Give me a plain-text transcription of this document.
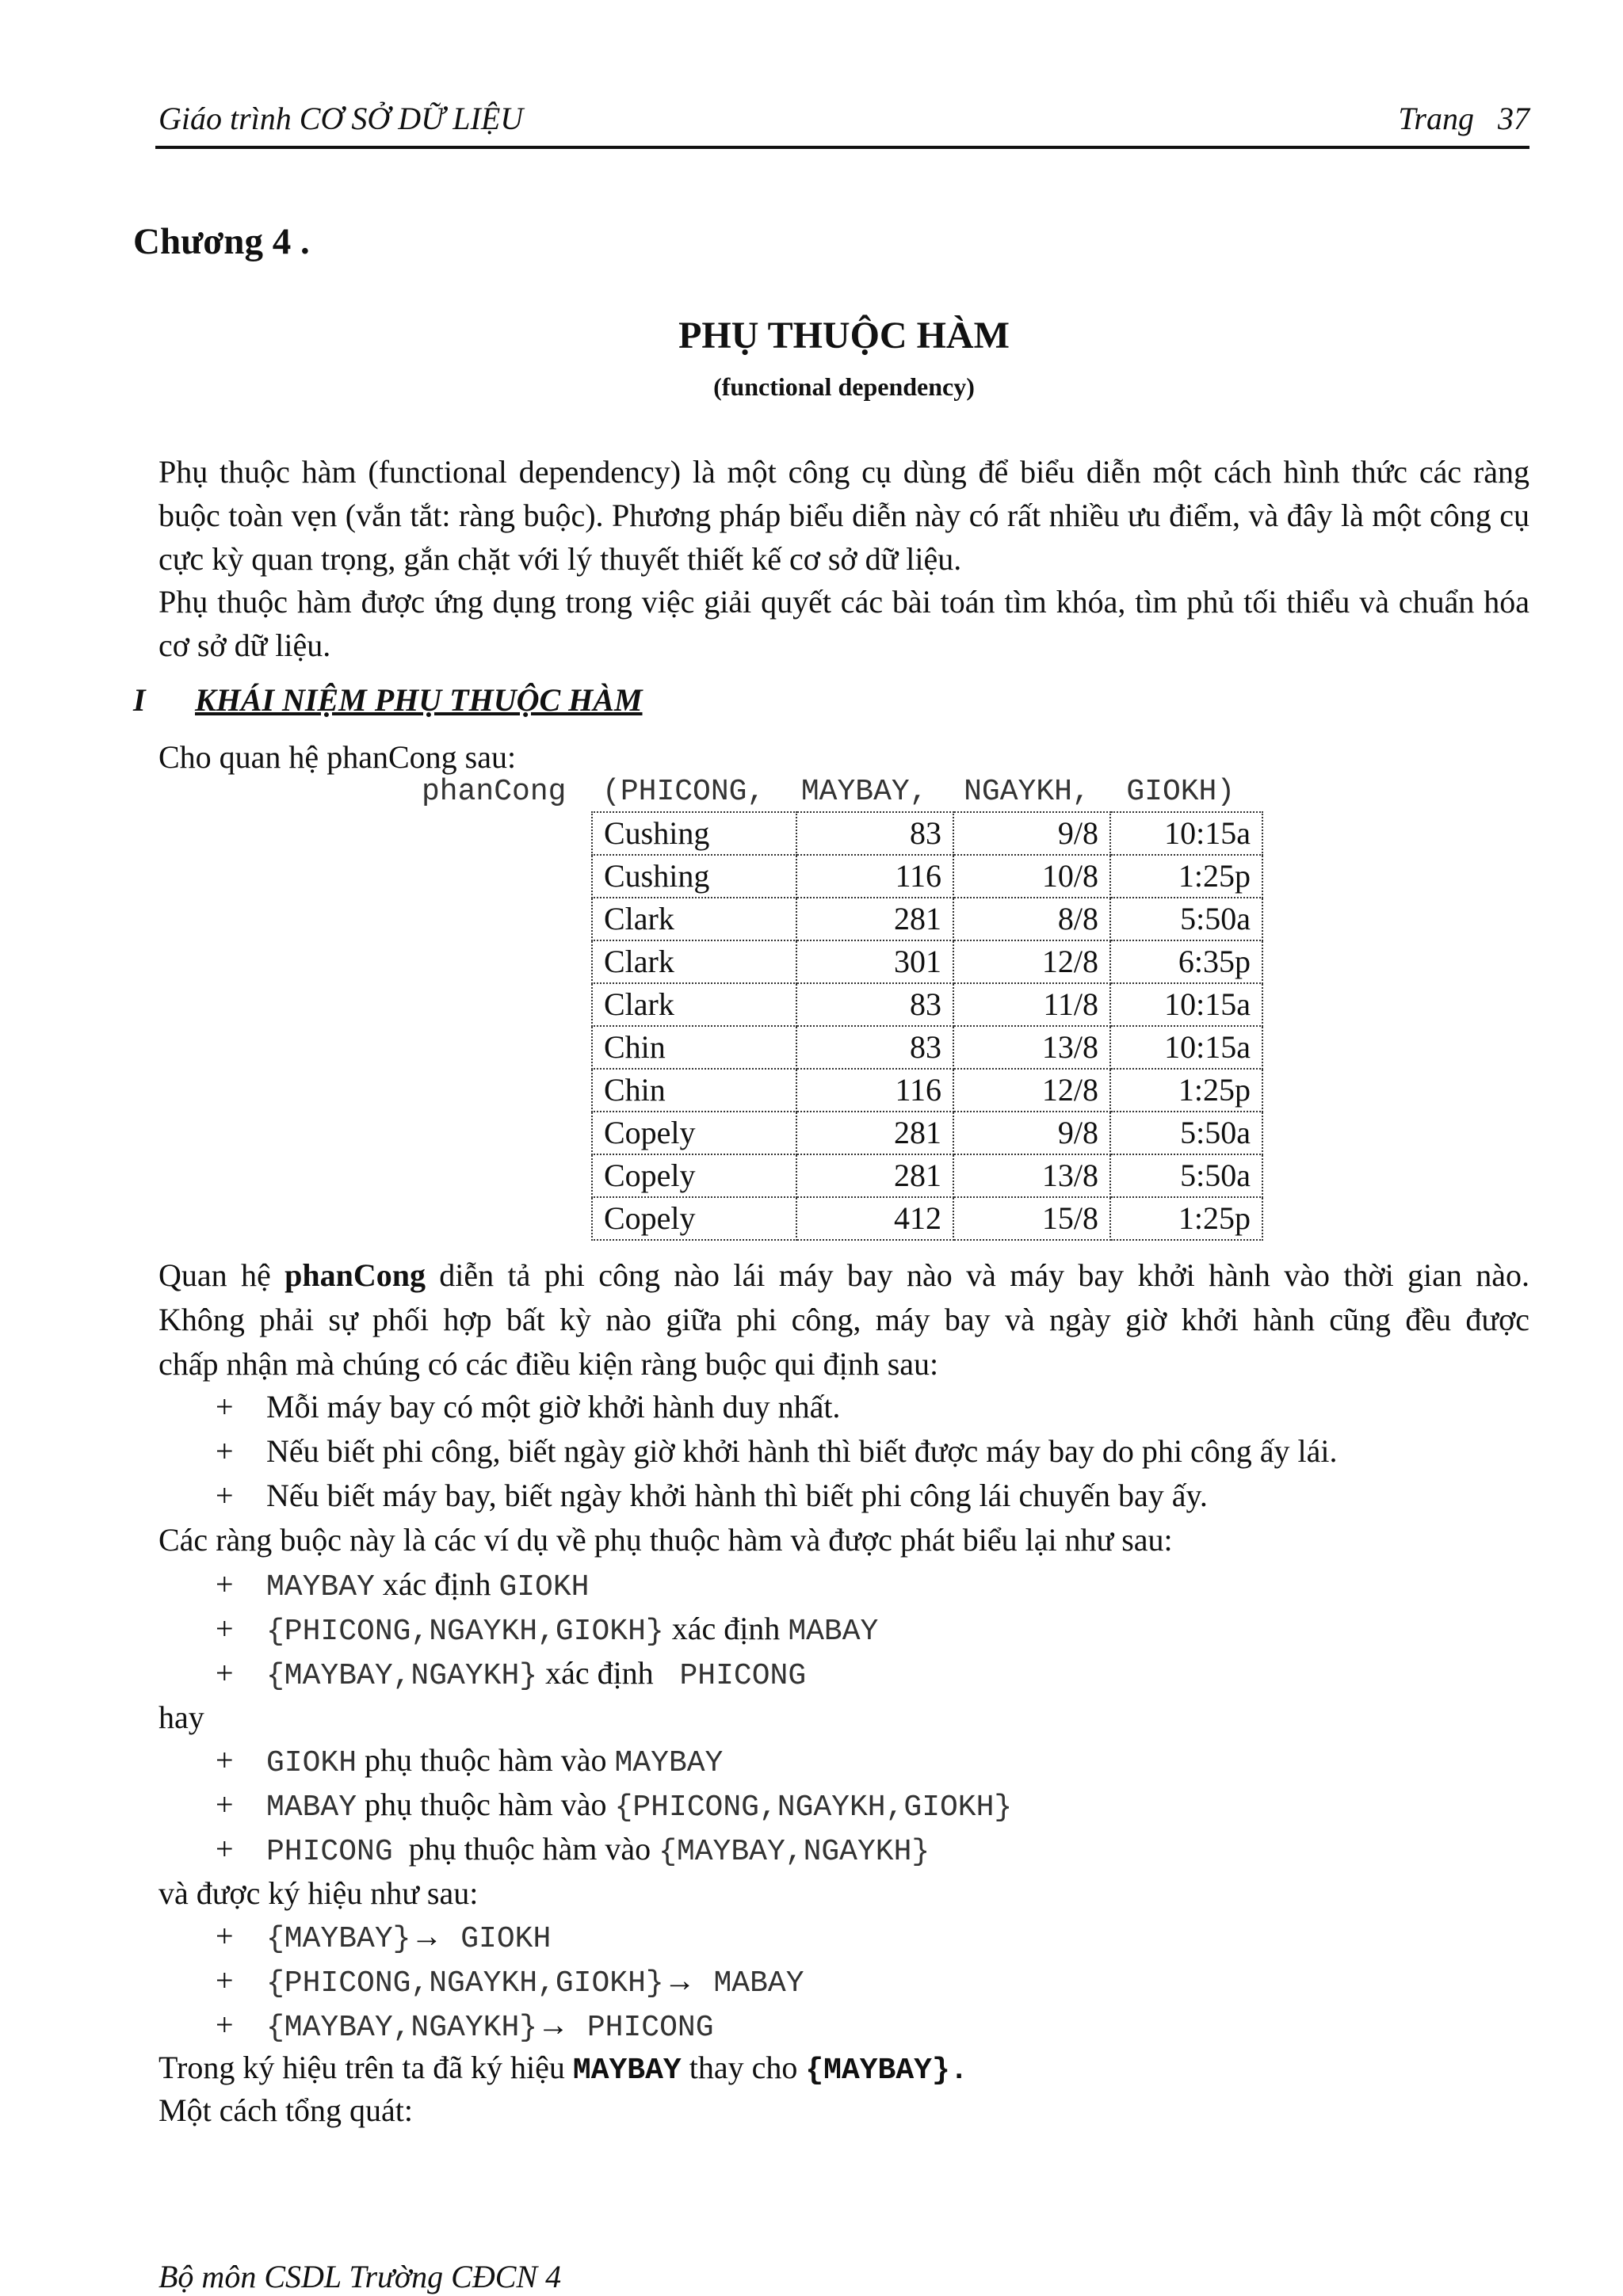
Giáo trình CƠ SỞ DỮ LIỆU	Trang   37
Chương 4 .
PHỤ THUỘC HÀM
(functional dependency)
Phụ thuộc hàm (functional dependency) là một công cụ dùng để biểu diễn một cách hình thức các ràng buộc toàn vẹn (vắn tắt: ràng buộc). Phương pháp biểu diễn này có rất nhiều ưu điểm, và đây là một công cụ cực kỳ quan trọng, gắn chặt với lý thuyết thiết kế cơ sở dữ liệu.
Phụ thuộc hàm được ứng dụng trong việc giải quyết các bài toán tìm khóa, tìm phủ tối thiểu và chuẩn hóa cơ sở dữ liệu.
I KHÁI NIỆM PHỤ THUỘC HÀM
Cho quan hệ phanCong sau:
phanCong  (PHICONG,  MAYBAY,  NGAYKH,  GIOKH)
Cushing	83	9/8	10:15a
Cushing	116	10/8	1:25p
Clark	281	8/8	5:50a
Clark	301	12/8	6:35p
Clark	83	11/8	10:15a
Chin	83	13/8	10:15a
Chin	116	12/8	1:25p
Copely	281	9/8	5:50a
Copely	281	13/8	5:50a
Copely	412	15/8	1:25p
Quan hệ phanCong diễn tả phi công nào lái máy bay nào và máy bay khởi hành vào thời gian nào.
Không phải sự phối hợp bất kỳ nào giữa phi công, máy bay và ngày giờ khởi hành cũng đều được
chấp nhận mà chúng có các điều kiện ràng buộc qui định sau:
Các ràng buộc này là các ví dụ về phụ thuộc hàm và được phát biểu lại như sau:
hay
và được ký hiệu như sau:
Trong ký hiệu trên ta đã ký hiệu MAYBAY thay cho {MAYBAY}.
Một cách tổng quát:
Bộ môn CSDL Trường CĐCN 4
+ Mỗi máy bay có một giờ khởi hành duy nhất.
+ Nếu biết phi công, biết ngày giờ khởi hành thì biết được máy bay do phi công ấy lái.
+ Nếu biết máy bay, biết ngày khởi hành thì biết phi công lái chuyến bay ấy.
+ MAYBAY xác định GIOKH
+ {PHICONG,NGAYKH,GIOKH} xác định MABAY
+ {MAYBAY,NGAYKH} xác định  PHICONG
+ GIOKH phụ thuộc hàm vào MAYBAY
+ MABAY phụ thuộc hàm vào {PHICONG,NGAYKH,GIOKH}
+ PHICONG  phụ thuộc hàm vào {MAYBAY,NGAYKH}
+ {MAYBAY}→ GIOKH
+ {PHICONG,NGAYKH,GIOKH}→ MABAY
+ {MAYBAY,NGAYKH}→ PHICONG
